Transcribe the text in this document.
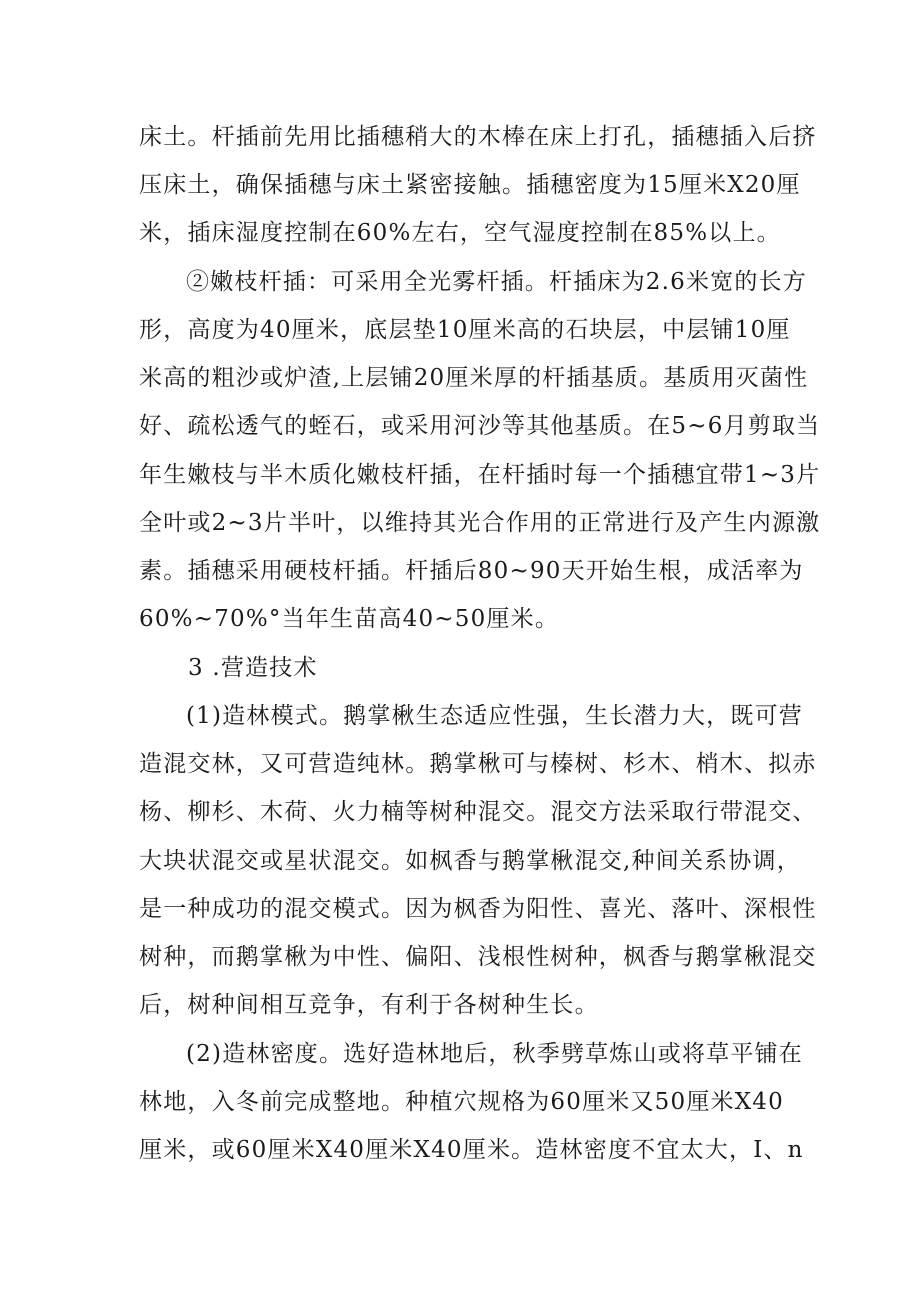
床土。杆插前先用比插穗稍大的木棒在床上打孔，插穗插入后挤
压床土，确保插穗与床土紧密接触。插穗密度为15厘米X20厘
米，插床湿度控制在60%左右，空气湿度控制在85%以上。
②嫩枝杆插：可采用全光雾杆插。杆插床为2.6米宽的长方
形，高度为40厘米，底层垫10厘米高的石块层，中层铺10厘
米高的粗沙或炉渣,上层铺20厘米厚的杆插基质。基质用灭菌性
好、疏松透气的蛭石，或采用河沙等其他基质。在5~6月剪取当
年生嫩枝与半木质化嫩枝杆插，在杆插时每一个插穗宜带1~3片
全叶或2~3片半叶，以维持其光合作用的正常进行及产生内源激
素。插穗采用硬枝杆插。杆插后80~90天开始生根，成活率为
60%~70%°当年生苗高40~50厘米。
3 .营造技术
(1)造林模式。鹅掌楸生态适应性强，生长潜力大，既可营
造混交林，又可营造纯林。鹅掌楸可与榛树、杉木、梢木、拟赤
杨、柳杉、木荷、火力楠等树种混交。混交方法采取行带混交、
大块状混交或星状混交。如枫香与鹅掌楸混交,种间关系协调，
是一种成功的混交模式。因为枫香为阳性、喜光、落叶、深根性
树种，而鹅掌楸为中性、偏阳、浅根性树种，枫香与鹅掌楸混交
后，树种间相互竞争，有利于各树种生长。
(2)造林密度。选好造林地后，秋季劈草炼山或将草平铺在
林地，入冬前完成整地。种植穴规格为60厘米又50厘米X40
厘米，或60厘米X40厘米X40厘米。造林密度不宜太大，I、n
